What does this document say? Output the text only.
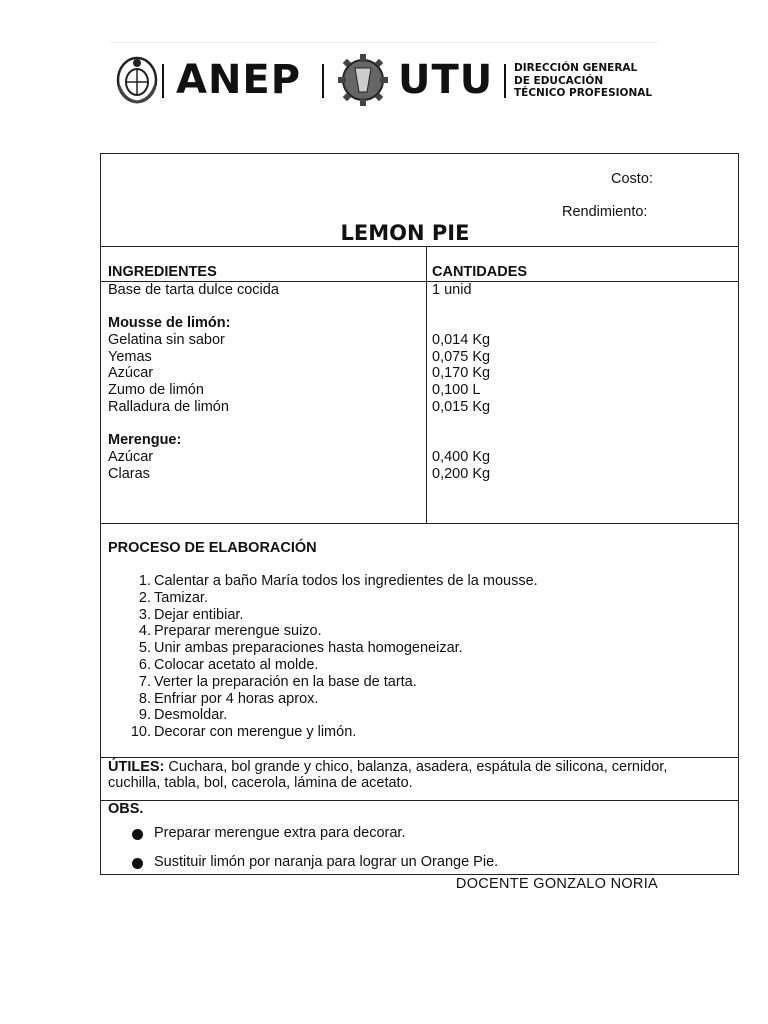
ANEP UTU DIRECCIÓN GENERAL
DE EDUCACIÓN
TÉCNICO PROFESIONAL
Costo:
Rendimiento:
LEMON PIE
INGREDIENTES	CANTIDADES
Base de tarta dulce cocida	1 unid
Mousse de limón:
Gelatina sin sabor	0,014 Kg
Yemas	0,075 Kg
Azúcar	0,170 Kg
Zumo de limón	0,100 L
Ralladura de limón	0,015 Kg
Merengue:
Azúcar	0,400 Kg
Claras	0,200 Kg
PROCESO DE ELABORACIÓN
1. Calentar a baño María todos los ingredientes de la mousse.
2. Tamizar.
3. Dejar entibiar.
4. Preparar merengue suizo.
5. Unir ambas preparaciones hasta homogeneizar.
6. Colocar acetato al molde.
7. Verter la preparación en la base de tarta.
8. Enfriar por 4 horas aprox.
9. Desmoldar.
10. Decorar con merengue y limón.
ÚTILES: Cuchara, bol grande y chico, balanza, asadera, espátula de silicona, cernidor,
cuchilla, tabla, bol, cacerola, lámina de acetato.
OBS.
Preparar merengue extra para decorar.
Sustituir limón por naranja para lograr un Orange Pie.
DOCENTE GONZALO NORIA
